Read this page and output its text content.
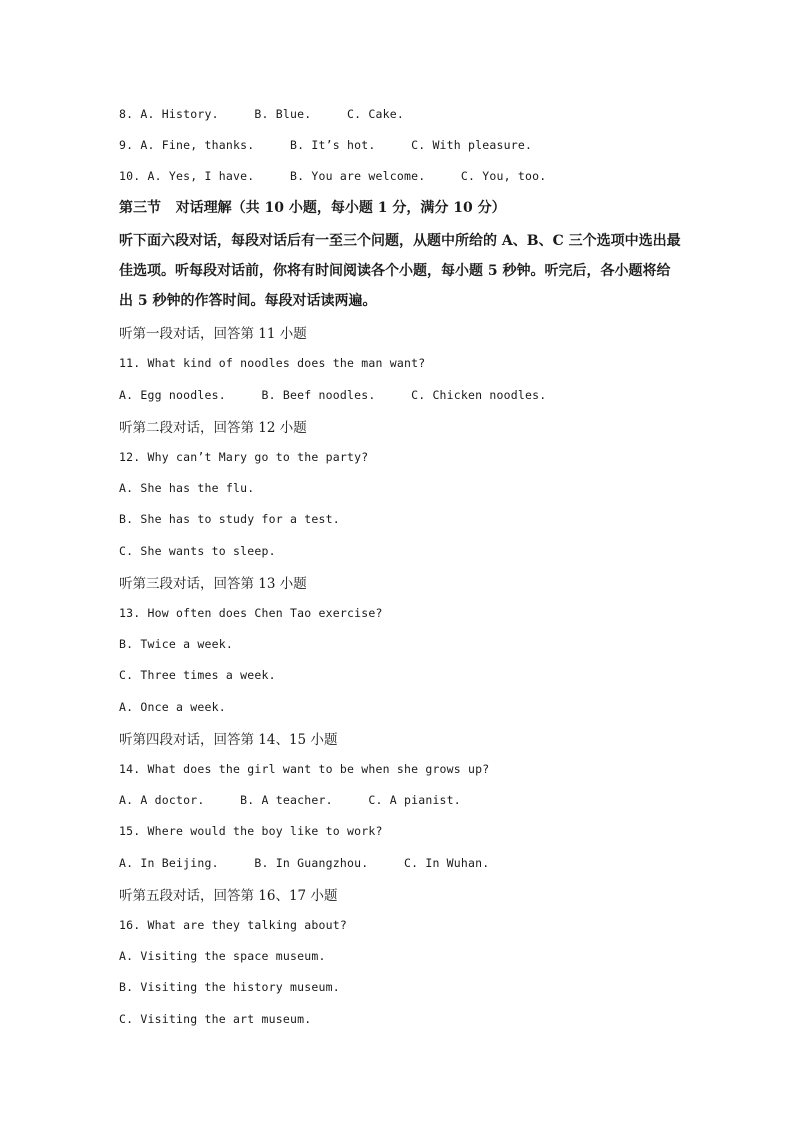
8. A. History.     B. Blue.     C. Cake.
9. A. Fine, thanks.     B. It’s hot.     C. With pleasure.
10. A. Yes, I have.     B. You are welcome.     C. You, too.
第三节   对话理解（共 10 小题，每小题 1 分，满分 10 分）
听下面六段对话，每段对话后有一至三个问题，从题中所给的 A、B、C 三个选项中选出最
佳选项。听每段对话前，你将有时间阅读各个小题，每小题 5 秒钟。听完后，各小题将给
出 5 秒钟的作答时间。每段对话读两遍。
听第一段对话，回答第 11 小题
11. What kind of noodles does the man want?
A. Egg noodles.     B. Beef noodles.     C. Chicken noodles.
听第二段对话，回答第 12 小题
12. Why can’t Mary go to the party?
A. She has the flu.
B. She has to study for a test.
C. She wants to sleep.
听第三段对话，回答第 13 小题
13. How often does Chen Tao exercise?
B. Twice a week.
C. Three times a week.
A. Once a week.
听第四段对话，回答第 14、15 小题
14. What does the girl want to be when she grows up?
A. A doctor.     B. A teacher.     C. A pianist.
15. Where would the boy like to work?
A. In Beijing.     B. In Guangzhou.     C. In Wuhan.
听第五段对话，回答第 16、17 小题
16. What are they talking about?
A. Visiting the space museum.
B. Visiting the history museum.
C. Visiting the art museum.
